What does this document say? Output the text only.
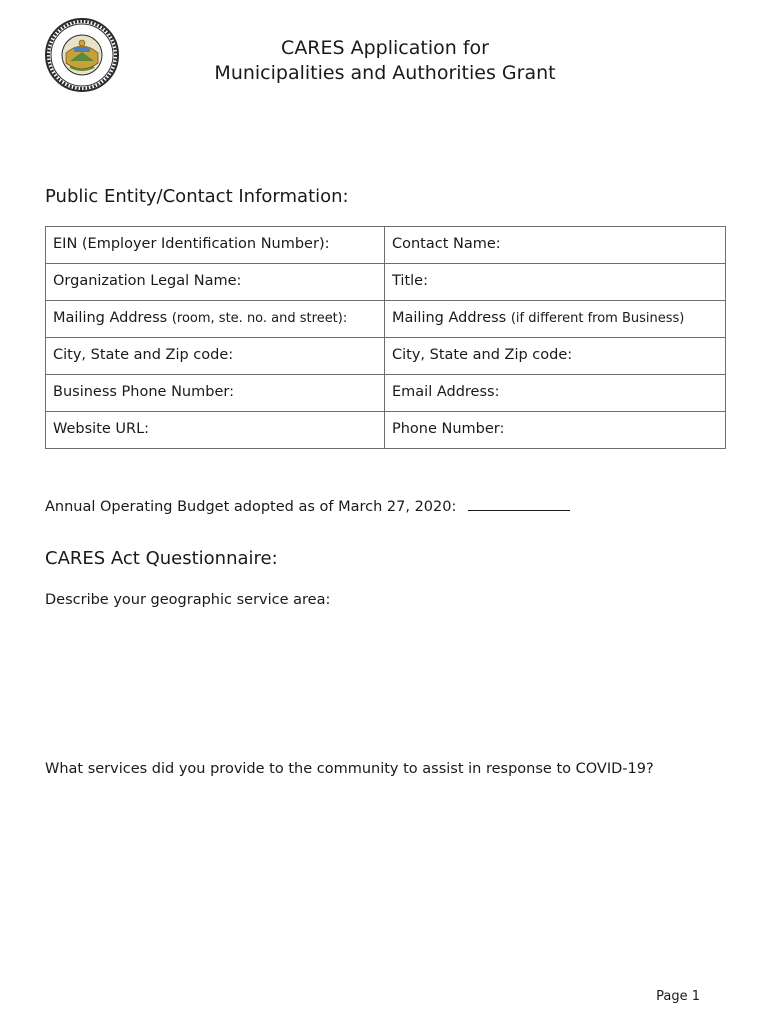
CARES Application for
Municipalities and Authorities Grant
Public Entity/Contact Information:
EIN (Employer Identification Number):	Contact Name:
Organization Legal Name:	Title:
Mailing Address (room, ste. no. and street):	Mailing Address (if different from Business)
City, State and Zip code:	City, State and Zip code:
Business Phone Number:	Email Address:
Website URL:	Phone Number:
Annual Operating Budget adopted as of March 27, 2020:
CARES Act Questionnaire:
Describe your geographic service area:
What services did you provide to the community to assist in response to COVID-19?
Page 1
